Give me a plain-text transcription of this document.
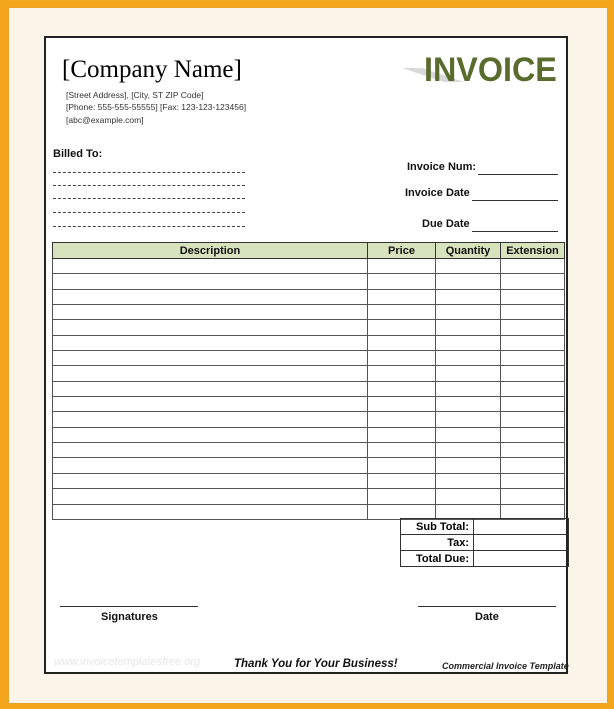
[Company Name]
[Street Address], [City, ST ZIP Code]
[Phone: 555-555-55555] [Fax: 123-123-123456]
[abc@example.com]
INVOICE
Billed To:
Invoice Num:
Invoice Date
Due Date
Description	Price	Quantity	Extension

Sub Total:	
Tax:	
Total Due:	
Signatures	Date
www.invoicetemplatesfree.org	Thank You for Your Business!	Commercial Invoice Template
